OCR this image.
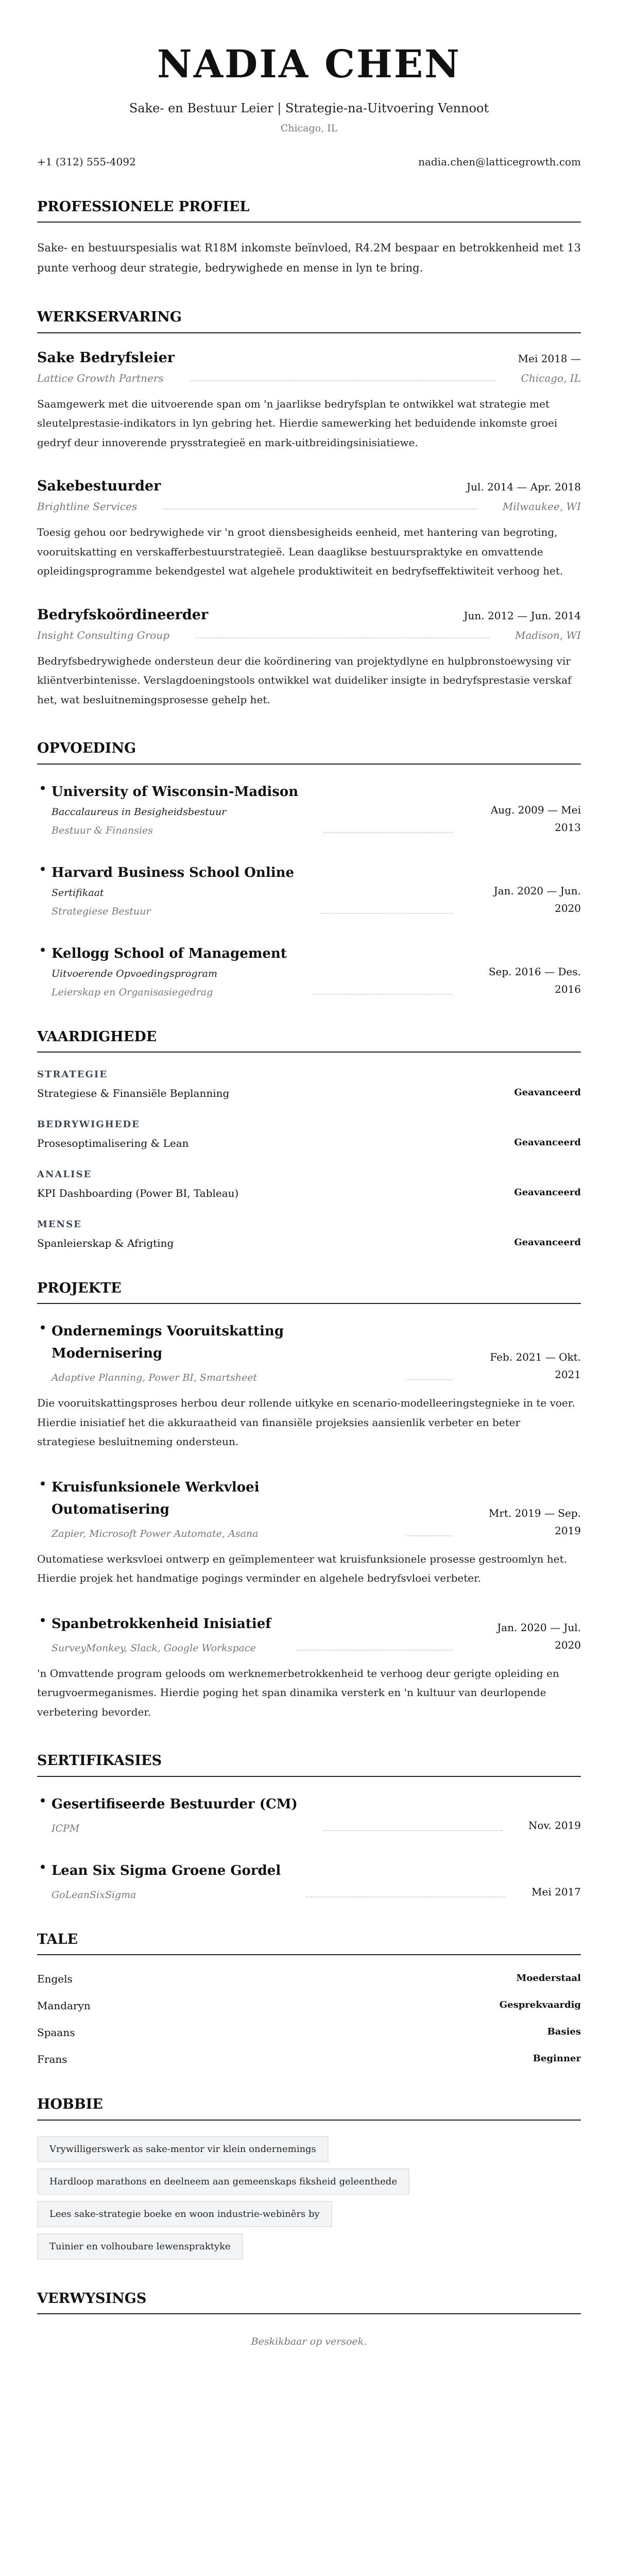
NADIA CHEN
Sake- en Bestuur Leier | Strategie-na-Uitvoering Vennoot
Chicago, IL
+1 (312) 555-4092	nadia.chen@latticegrowth.com
PROFESSIONELE PROFIEL

Sake- en bestuurspesialis wat R18M inkomste beïnvloed, R4.2M bespaar en betrokkenheid met 13 punte verhoog deur strategie, bedrywighede en mense in lyn te bring.

WERKSERVARING
Sake Bedryfsleier	Mei 2018 —
Lattice Growth Partners	Chicago, IL

Saamgewerk met die uitvoerende span om 'n jaarlikse bedryfsplan te ontwikkel wat strategie met sleutelprestasie-indikators in lyn gebring het. Hierdie samewerking het beduidende inkomste groei gedryf deur innoverende prysstrategieë en mark-uitbreidingsinisiatiewe.

Sakebestuurder	Jul. 2014 — Apr. 2018
Brightline Services	Milwaukee, WI

Toesig gehou oor bedrywighede vir 'n groot diensbesigheids eenheid, met hantering van begroting, vooruitskatting en verskafferbestuurstrategieë. Lean daaglikse bestuurspraktyke en omvattende opleidingsprogramme bekendgestel wat algehele produktiwiteit en bedryfseffektiwiteit verhoog het.

Bedryfskoördineerder	Jun. 2012 — Jun. 2014
Insight Consulting Group	Madison, WI

Bedryfsbedrywighede ondersteun deur die koördinering van projektydlyne en hulpbronstoewysing vir kliëntverbintenisse. Verslagdoeningstools ontwikkel wat duideliker insigte in bedryfsprestasie verskaf het, wat besluitnemingsprosesse gehelp het.

OPVOEDING
• University of Wisconsin-Madison
Baccalaureus in Besigheidsbestuur
Bestuur & Finansies
Aug. 2009 — Mei 2013
• Harvard Business School Online
Sertifikaat
Strategiese Bestuur
Jan. 2020 — Jun. 2020
• Kellogg School of Management
Uitvoerende Opvoedingsprogram
Leierskap en Organisasiegedrag
Sep. 2016 — Des. 2016
VAARDIGHEDE
STRATEGIE
Strategiese & Finansiële Beplanning	Geavanceerd
BEDRYWIGHEDE
Prosesoptimalisering & Lean	Geavanceerd
ANALISE
KPI Dashboarding (Power BI, Tableau)	Geavanceerd
MENSE
Spanleierskap & Afrigting	Geavanceerd
PROJEKTE
• Ondernemings Vooruitskatting Modernisering
Adaptive Planning, Power BI, Smartsheet
Feb. 2021 — Okt. 2021

Die vooruitskattingsproses herbou deur rollende uitkyke en scenario-modelleeringstegnieke in te voer. Hierdie inisiatief het die akkuraatheid van finansiële projeksies aansienlik verbeter en beter strategiese besluitneming ondersteun.

• Kruisfunksionele Werkvloei Outomatisering
Zapier, Microsoft Power Automate, Asana
Mrt. 2019 — Sep. 2019

Outomatiese werksvloei ontwerp en geïmplementeer wat kruisfunksionele prosesse gestroomlyn het. Hierdie projek het handmatige pogings verminder en algehele bedryfsvloei verbeter.

• Spanbetrokkenheid Inisiatief
SurveyMonkey, Slack, Google Workspace
Jan. 2020 — Jul. 2020

'n Omvattende program geloods om werknemerbetrokkenheid te verhoog deur gerigte opleiding en terugvoermeganismes. Hierdie poging het span dinamika versterk en 'n kultuur van deurlopende verbetering bevorder.

SERTIFIKASIES
• Gesertifiseerde Bestuurder (CM)
ICPM	Nov. 2019
• Lean Six Sigma Groene Gordel
GoLeanSixSigma	Mei 2017
TALE
Engels	Moederstaal
Mandaryn	Gesprekvaardig
Spaans	Basies
Frans	Beginner
HOBBIE
Vrywilligerswerk as sake-mentor vir klein ondernemings
Hardloop marathons en deelneem aan gemeenskaps fiksheid geleenthede
Lees sake-strategie boeke en woon industrie-webinêrs by
Tuinier en volhoubare lewenspraktyke
VERWYSINGS
Beskikbaar op versoek.
